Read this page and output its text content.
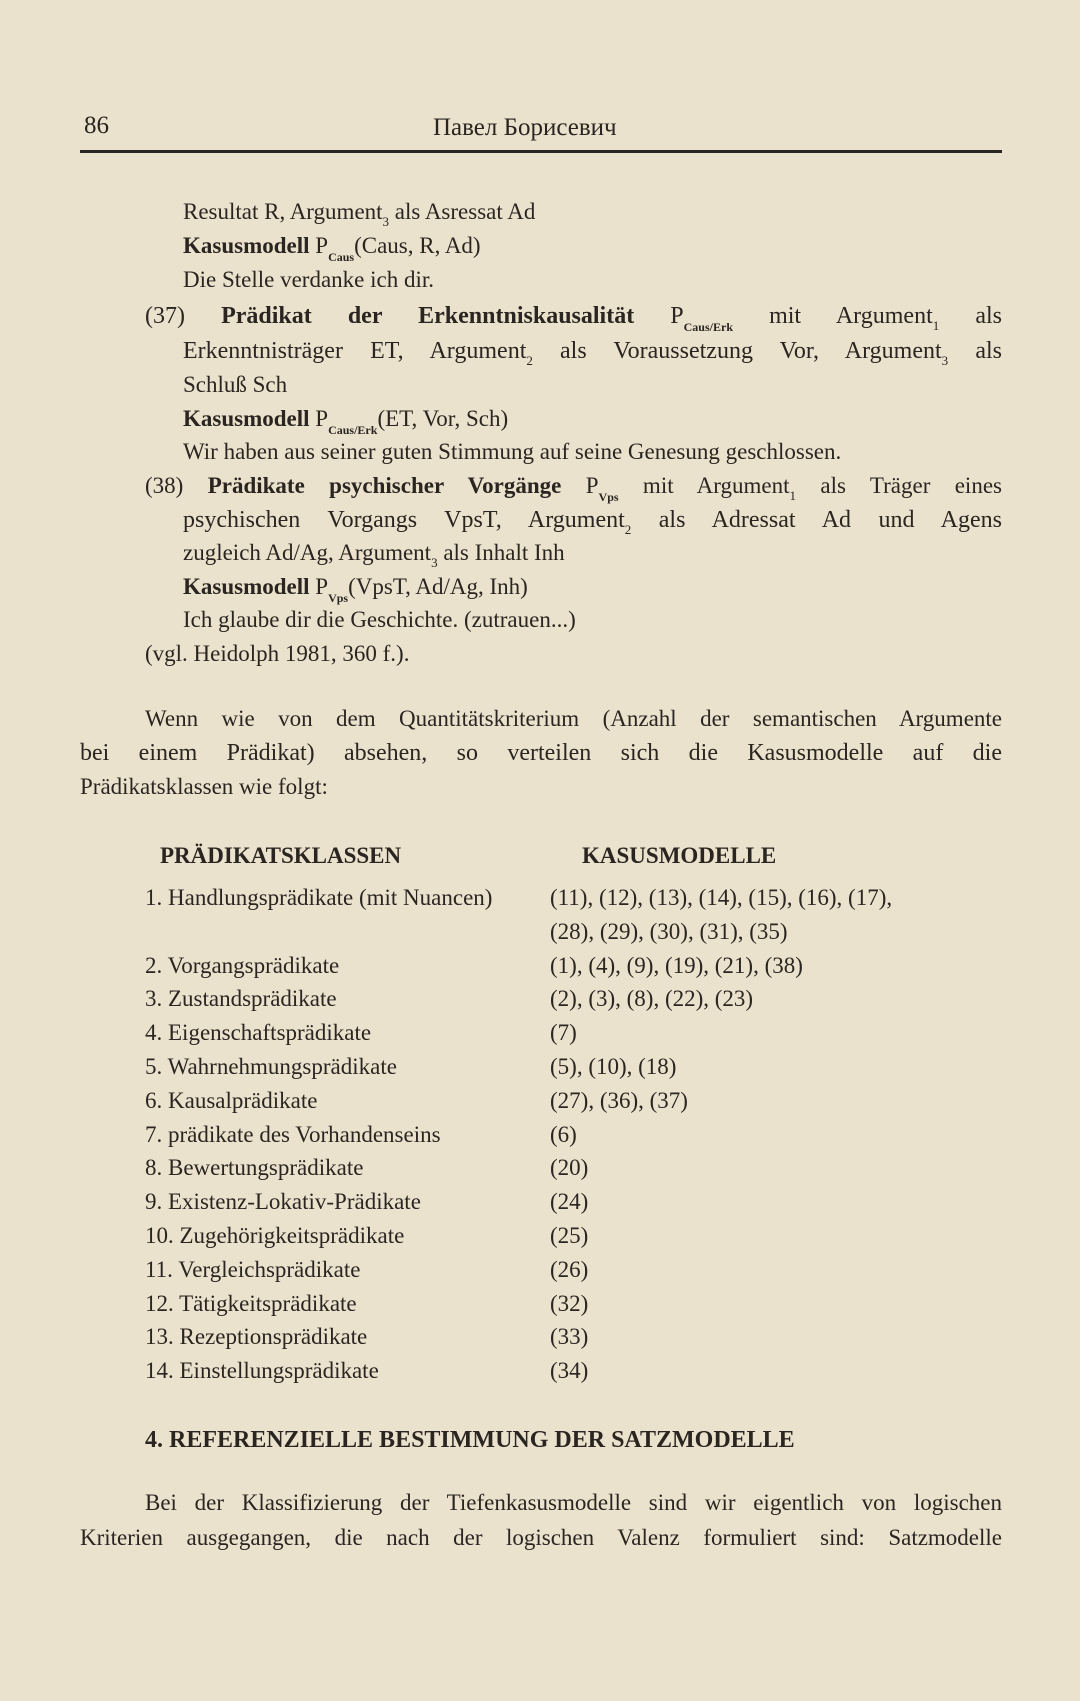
86	Павел Борисевич
Resultat R, Argument$_3$ als Asressat Ad
Kasusmodell $P_{Caus}(Caus$, R, Ad)
Die Stelle verdanke ich dir.
(37) Prädikat der Erkenntniskausalität $P_{Caus/Erk}$ mit Argument$_1$ als
Erkenntnisträger ET, Argument$_2$ als Voraussetzung Vor, Argument$_3$ als
Schluß Sch
Kasusmodell $P_{Caus/Erk}(ET$, Vor, Sch)
Wir haben aus seiner guten Stimmung auf seine Genesung geschlossen.
(38) Prädikate psychischer Vorgänge $P_{Vps}$ mit Argument$_1$ als Träger eines
psychischen Vorgangs VpsT, Argument$_2$ als Adressat Ad und Agens
zugleich Ad/Ag, Argument$_3$ als Inhalt Inh
Kasusmodell $P_{Vps}(VpsT$, Ad/Ag, Inh)
Ich glaube dir die Geschichte. (zutrauen...)
(vgl. Heidolph 1981, 360 f.).
Wenn wie von dem Quantitätskriterium (Anzahl der semantischen Argumente
bei einem Prädikat) absehen, so verteilen sich die Kasusmodelle auf die
Prädikatsklassen wie folgt:
PRÄDIKATSKLASSEN	KASUSMODELLE
1. Handlungsprädikate (mit Nuancen)	(11), (12), (13), (14), (15), (16), (17),
(28), (29), (30), (31), (35)
2. Vorgangsprädikate	(1), (4), (9), (19), (21), (38)
3. Zustandsprädikate	(2), (3), (8), (22), (23)
4. Eigenschaftsprädikate	(7)
5. Wahrnehmungsprädikate	(5), (10), (18)
6. Kausalprädikate	(27), (36), (37)
7. prädikate des Vorhandenseins	(6)
8. Bewertungsprädikate	(20)
9. Existenz-Lokativ-Prädikate	(24)
10. Zugehörigkeitsprädikate	(25)
11. Vergleichsprädikate	(26)
12. Tätigkeitsprädikate	(32)
13. Rezeptionsprädikate	(33)
14. Einstellungsprädikate	(34)
4. REFERENZIELLE BESTIMMUNG DER SATZMODELLE
Bei der Klassifizierung der Tiefenkasusmodelle sind wir eigentlich von logischen
Kriterien ausgegangen, die nach der logischen Valenz formuliert sind: Satzmodelle
